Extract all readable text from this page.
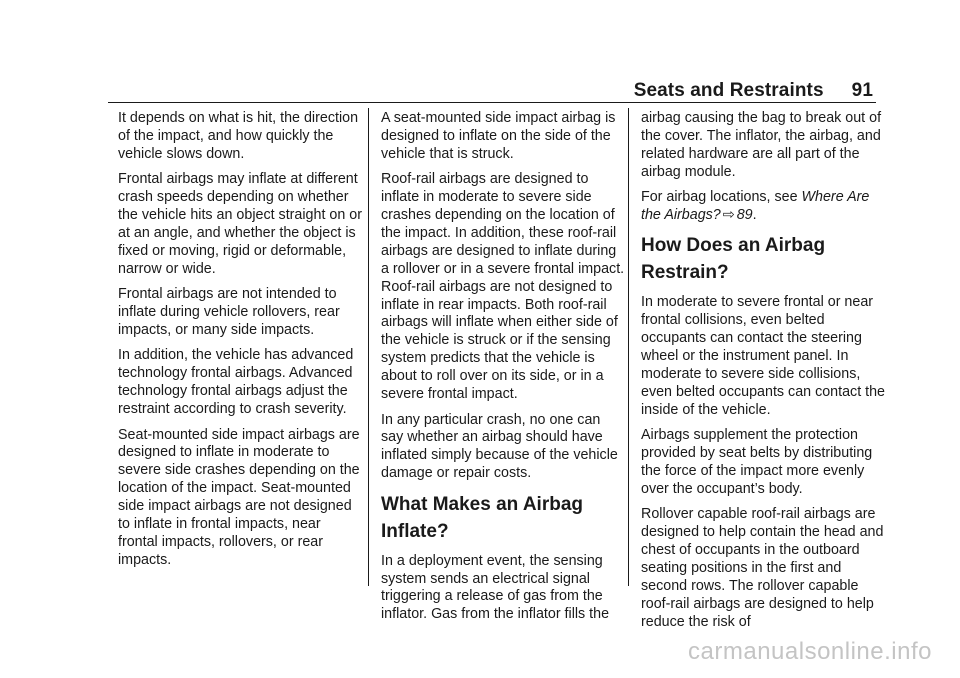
Seats and Restraints 91

It depends on what is hit, the direction of the impact, and how quickly the vehicle slows down.

Frontal airbags may inflate at different crash speeds depending on whether the vehicle hits an object straight on or at an angle, and whether the object is fixed or moving, rigid or deformable, narrow or wide.

Frontal airbags are not intended to inflate during vehicle rollovers, rear impacts, or many side impacts.

In addition, the vehicle has advanced technology frontal airbags. Advanced technology frontal airbags adjust the restraint according to crash severity.

Seat-mounted side impact airbags are designed to inflate in moderate to severe side crashes depending on the location of the impact. Seat-mounted side impact airbags are not designed to inflate in frontal impacts, near frontal impacts, rollovers, or rear impacts.

A seat-mounted side impact airbag is designed to inflate on the side of the vehicle that is struck.

Roof-rail airbags are designed to inflate in moderate to severe side crashes depending on the location of the impact. In addition, these roof-rail airbags are designed to inflate during a rollover or in a severe frontal impact. Roof-rail airbags are not designed to inflate in rear impacts. Both roof-rail airbags will inflate when either side of the vehicle is struck or if the sensing system predicts that the vehicle is about to roll over on its side, or in a severe frontal impact.

In any particular crash, no one can say whether an airbag should have inflated simply because of the vehicle damage or repair costs.

What Makes an Airbag Inflate?

In a deployment event, the sensing system sends an electrical signal triggering a release of gas from the inflator. Gas from the inflator fills the

airbag causing the bag to break out of the cover. The inflator, the airbag, and related hardware are all part of the airbag module.

For airbag locations, see Where Are the Airbags? ⇨ 89.

How Does an Airbag Restrain?

In moderate to severe frontal or near frontal collisions, even belted occupants can contact the steering wheel or the instrument panel. In moderate to severe side collisions, even belted occupants can contact the inside of the vehicle.

Airbags supplement the protection provided by seat belts by distributing the force of the impact more evenly over the occupant’s body.

Rollover capable roof-rail airbags are designed to help contain the head and chest of occupants in the outboard seating positions in the first and second rows. The rollover capable roof-rail airbags are designed to help reduce the risk of

carmanualsonline.info
